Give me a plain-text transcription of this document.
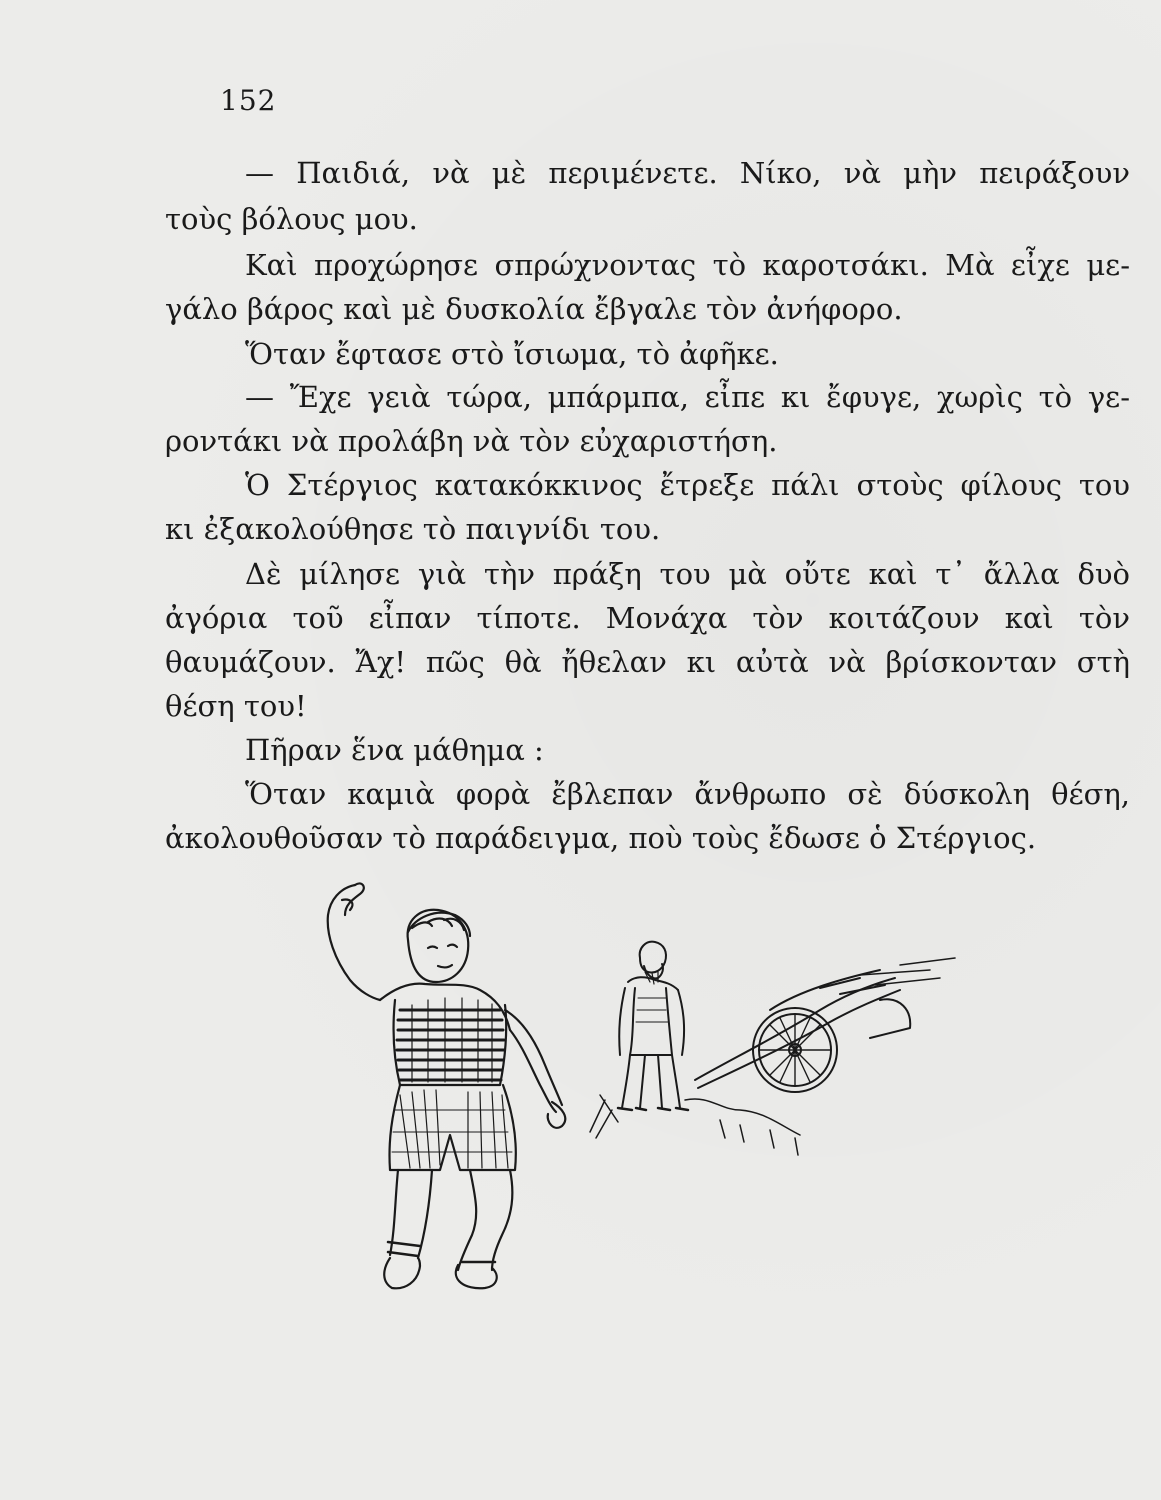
152
— Παιδιά, νὰ μὲ περιμένετε. Νίκο, νὰ μὴν πειράξουν
τοὺς βόλους μου.
Καὶ προχώρησε σπρώχνοντας τὸ καροτσάκι. Μὰ εἶχε με-
γάλο βάρος καὶ μὲ δυσκολία ἔβγαλε τὸν ἀνήφορο.
Ὅταν ἔφτασε στὸ ἴσιωμα, τὸ ἀφῆκε.
— Ἔχε γειὰ τώρα, μπάρμπα, εἶπε κι ἔφυγε, χωρὶς τὸ γε-
ροντάκι νὰ προλάβη νὰ τὸν εὐχαριστήση.
Ὁ Στέργιος κατακόκκινος ἔτρεξε πάλι στοὺς φίλους του
κι ἐξακολούθησε τὸ παιγνίδι του.
Δὲ μίλησε γιὰ τὴν πράξη του μὰ οὔτε καὶ τ᾽ ἄλλα δυὸ
ἀγόρια τοῦ εἶπαν τίποτε. Μονάχα τὸν κοιτάζουν καὶ τὸν
θαυμάζουν. Ἄχ! πῶς θὰ ἤθελαν κι αὐτὰ νὰ βρίσκονταν στὴ
θέση του!
Πῆραν ἕνα μάθημα :
Ὅταν καμιὰ φορὰ ἔβλεπαν ἄνθρωπο σὲ δύσκολη θέση,
ἀκολουθοῦσαν τὸ παράδειγμα, ποὺ τοὺς ἔδωσε ὁ Στέργιος.
